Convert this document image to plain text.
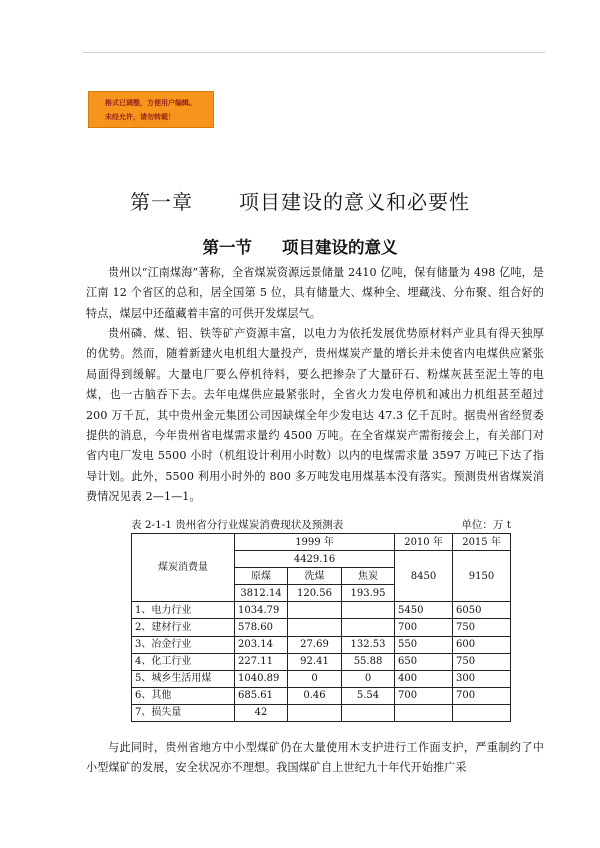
格式已调整，方便用户编辑。
未经允许，请勿转载！
第一章 项目建设的意义和必要性
第一节 项目建设的意义

贵州以“江南煤海”著称，全省煤炭资源远景储量 2410 亿吨，保有储量为 498 亿吨，是江南 12 个省区的总和，居全国第 5 位，具有储量大、煤种全、埋藏浅、分布聚、组合好的特点，煤层中还蕴藏着丰富的可供开发煤层气。

贵州磷、煤、铝、铁等矿产资源丰富，以电力为依托发展优势原材料产业具有得天独厚的优势。然而，随着新建火电机组大量投产，贵州煤炭产量的增长并未使省内电煤供应紧张局面得到缓解。大量电厂要么停机待料，要么把掺杂了大量矸石、粉煤灰甚至泥土等的电煤，也一古脑吞下去。去年电煤供应最紧张时，全省火力发电停机和减出力机组甚至超过 200 万千瓦，其中贵州金元集团公司因缺煤全年少发电达 47.3 亿千瓦时。据贵州省经贸委提供的消息，今年贵州省电煤需求量约 4500 万吨。在全省煤炭产需衔接会上，有关部门对省内电厂发电 5500 小时（机组设计利用小时数）以内的电煤需求量 3597 万吨已下达了指导计划。此外，5500 利用小时外的 800 多万吨发电用煤基本没有落实。预测贵州省煤炭消费情况见表 2—1—1。

表 2-1-1 贵州省分行业煤炭消费现状及预测表	单位：万 t
煤炭消费量	1999 年			2010 年	2015 年
	4429.16			8450	9150
	原煤	洗煤	焦炭		
	3812.14	120.56	193.95		
1、电力行业	1034.79			5450	6050
2、建材行业	578.60			700	750
3、冶金行业	203.14	27.69	132.53	550	600
4、化工行业	227.11	92.41	55.88	650	750
5、城乡生活用煤	1040.89	0	0	400	300
6、其他	685.61	0.46	5.54	700	700
7、损失量	42				

与此同时，贵州省地方中小型煤矿仍在大量使用木支护进行工作面支护，严重制约了中小型煤矿的发展，安全状况亦不理想。我国煤矿自上世纪九十年代开始推广采
